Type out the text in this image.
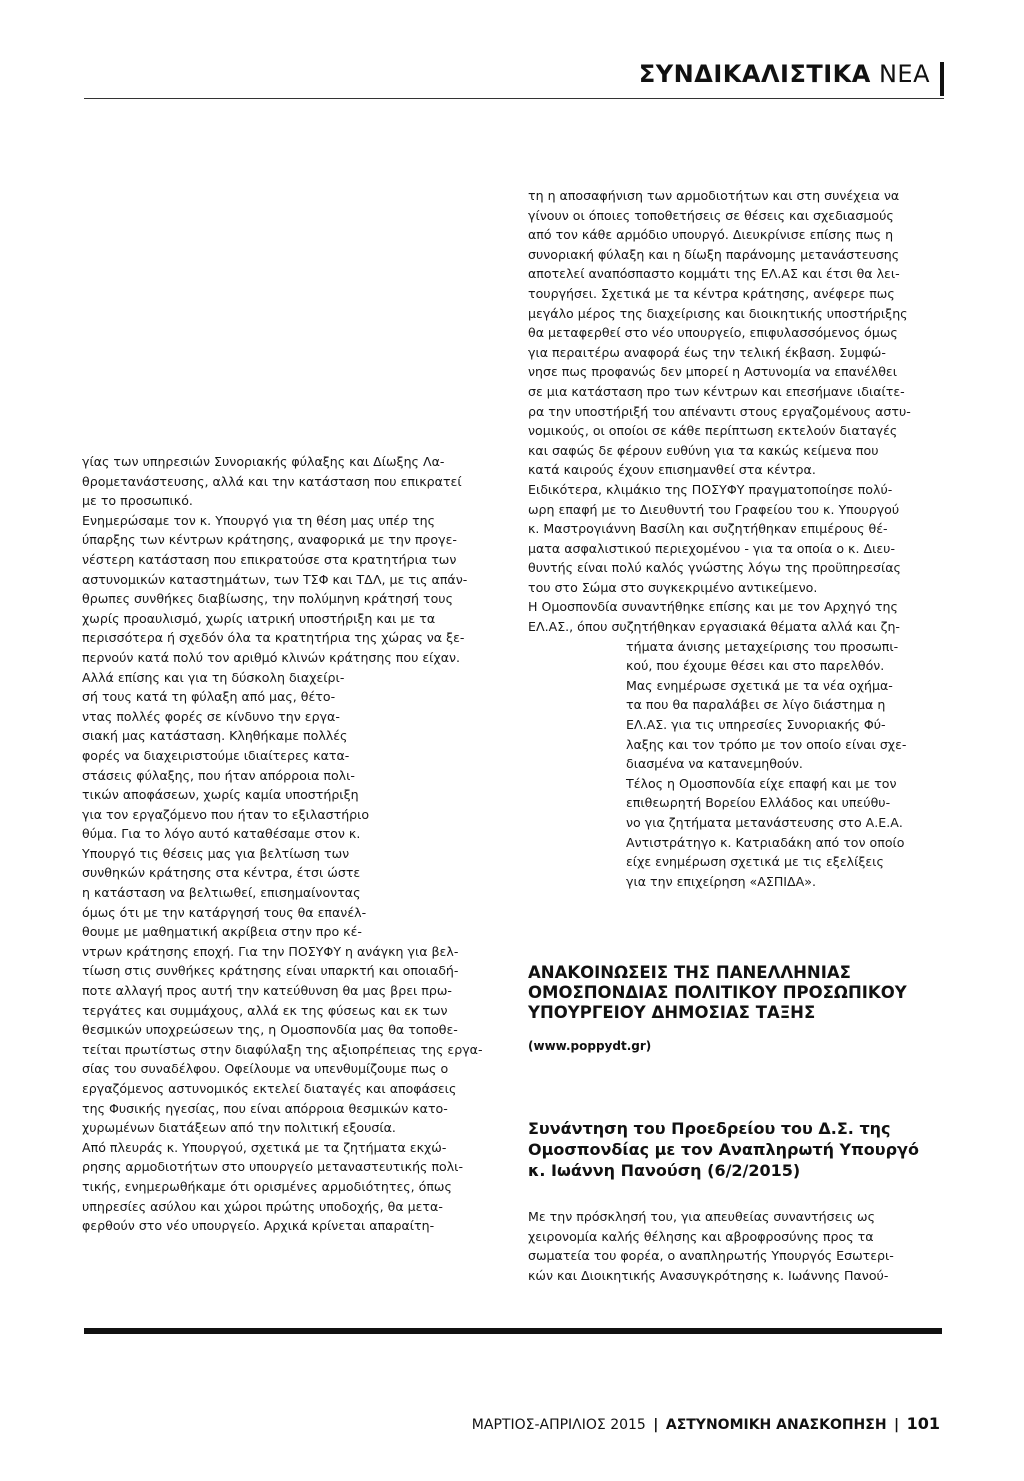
ΣΥΝΔΙΚΑΛΙΣΤΙΚΑ ΝΕΑ

γίας των υπηρεσιών Συνοριακής φύλαξης και Δίωξης Λα-

θρομετανάστευσης, αλλά και την κατάσταση που επικρατεί

με το προσωπικό.

Ενημερώσαμε τον κ. Υπουργό για τη θέση μας υπέρ της

ύπαρξης των κέντρων κράτησης, αναφορικά με την προγε-

νέστερη κατάσταση που επικρατούσε στα κρατητήρια των

αστυνομικών καταστημάτων, των ΤΣΦ και ΤΔΛ, με τις απάν-

θρωπες συνθήκες διαβίωσης, την πολύμηνη κράτησή τους

χωρίς προαυλισμό, χωρίς ιατρική υποστήριξη και με τα

περισσότερα ή σχεδόν όλα τα κρατητήρια της χώρας να ξε-

περνούν κατά πολύ τον αριθμό κλινών κράτησης που είχαν.

Αλλά επίσης και για τη δύσκολη διαχείρι-

σή τους κατά τη φύλαξη από μας, θέτο-

ντας πολλές φορές σε κίνδυνο την εργα-

σιακή μας κατάσταση. Κληθήκαμε πολλές

φορές να διαχειριστούμε ιδιαίτερες κατα-

στάσεις φύλαξης, που ήταν απόρροια πολι-

τικών αποφάσεων, χωρίς καμία υποστήριξη

για τον εργαζόμενο που ήταν το εξιλαστήριο

θύμα. Για το λόγο αυτό καταθέσαμε στον κ.

Υπουργό τις θέσεις μας για βελτίωση των

συνθηκών κράτησης στα κέντρα, έτσι ώστε

η κατάσταση να βελτιωθεί, επισημαίνοντας

όμως ότι με την κατάργησή τους θα επανέλ-

θουμε με μαθηματική ακρίβεια στην προ κέ-

ντρων κράτησης εποχή. Για την ΠΟΣΥΦΥ η ανάγκη για βελ-

τίωση στις συνθήκες κράτησης είναι υπαρκτή και οποιαδή-

ποτε αλλαγή προς αυτή την κατεύθυνση θα μας βρει πρω-

τεργάτες και συμμάχους, αλλά εκ της φύσεως και εκ των

θεσμικών υποχρεώσεων της, η Ομοσπονδία μας θα τοποθε-

τείται πρωτίστως στην διαφύλαξη της αξιοπρέπειας της εργα-

σίας του συναδέλφου. Οφείλουμε να υπενθυμίζουμε πως ο

εργαζόμενος αστυνομικός εκτελεί διαταγές και αποφάσεις

της Φυσικής ηγεσίας, που είναι απόρροια θεσμικών κατο-

χυρωμένων διατάξεων από την πολιτική εξουσία.

Από πλευράς κ. Υπουργού, σχετικά με τα ζητήματα εκχώ-

ρησης αρμοδιοτήτων στο υπουργείο μεταναστευτικής πολι-

τικής, ενημερωθήκαμε ότι ορισμένες αρμοδιότητες, όπως

υπηρεσίες ασύλου και χώροι πρώτης υποδοχής, θα μετα-

φερθούν στο νέο υπουργείο. Αρχικά κρίνεται απαραίτη-

τη η αποσαφήνιση των αρμοδιοτήτων και στη συνέχεια να

γίνουν οι όποιες τοποθετήσεις σε θέσεις και σχεδιασμούς

από τον κάθε αρμόδιο υπουργό. Διευκρίνισε επίσης πως η

συνοριακή φύλαξη και η δίωξη παράνομης μετανάστευσης

αποτελεί αναπόσπαστο κομμάτι της ΕΛ.ΑΣ και έτσι θα λει-

τουργήσει. Σχετικά με τα κέντρα κράτησης, ανέφερε πως

μεγάλο μέρος της διαχείρισης και διοικητικής υποστήριξης

θα μεταφερθεί στο νέο υπουργείο, επιφυλασσόμενος όμως

για περαιτέρω αναφορά έως την τελική έκβαση. Συμφώ-

νησε πως προφανώς δεν μπορεί η Αστυνομία να επανέλθει

σε μια κατάσταση προ των κέντρων και επεσήμανε ιδιαίτε-

ρα την υποστήριξή του απέναντι στους εργαζομένους αστυ-

νομικούς, οι οποίοι σε κάθε περίπτωση εκτελούν διαταγές

και σαφώς δε φέρουν ευθύνη για τα κακώς κείμενα που

κατά καιρούς έχουν επισημανθεί στα κέντρα.

Ειδικότερα, κλιμάκιο της ΠΟΣΥΦΥ πραγματοποίησε πολύ-

ωρη επαφή με το Διευθυντή του Γραφείου του κ. Υπουργού

κ. Μαστρογιάννη Βασίλη και συζητήθηκαν επιμέρους θέ-

ματα ασφαλιστικού περιεχομένου - για τα οποία ο κ. Διευ-

θυντής είναι πολύ καλός γνώστης λόγω της προϋπηρεσίας

του στο Σώμα στο συγκεκριμένο αντικείμενο.

Η Ομοσπονδία συναντήθηκε επίσης και με τον Αρχηγό της

ΕΛ.ΑΣ., όπου συζητήθηκαν εργασιακά θέματα αλλά και ζη-

τήματα άνισης μεταχείρισης του προσωπι-

κού, που έχουμε θέσει και στο παρελθόν.

Μας ενημέρωσε σχετικά με τα νέα οχήμα-

τα που θα παραλάβει σε λίγο διάστημα η

ΕΛ.ΑΣ. για τις υπηρεσίες Συνοριακής Φύ-

λαξης και τον τρόπο με τον οποίο είναι σχε-

διασμένα να κατανεμηθούν.

Τέλος η Ομοσπονδία είχε επαφή και με τον

επιθεωρητή Βορείου Ελλάδος και υπεύθυ-

νο για ζητήματα μετανάστευσης στο Α.Ε.Α.

Αντιστράτηγο κ. Κατριαδάκη από τον οποίο

είχε ενημέρωση σχετικά με τις εξελίξεις

για την επιχείρηση «ΑΣΠΙΔΑ».

ΑΝΑΚΟΙΝΩΣΕΙΣ ΤΗΣ ΠΑΝΕΛΛΗΝΙΑΣ
ΟΜΟΣΠΟΝΔΙΑΣ ΠΟΛΙΤΙΚΟΥ ΠΡΟΣΩΠΙΚΟΥ
ΥΠΟΥΡΓΕΙΟΥ ΔΗΜΟΣΙΑΣ ΤΑΞΗΣ
(www.poppydt.gr)
Συνάντηση του Προεδρείου του Δ.Σ. της
Ομοσπονδίας με τον Αναπληρωτή Υπουργό
κ. Ιωάννη Πανούση (6/2/2015)

Με την πρόσκλησή του, για απευθείας συναντήσεις ως

χειρονομία καλής θέλησης και αβροφροσύνης προς τα

σωματεία του φορέα, ο αναπληρωτής Υπουργός Εσωτερι-

κών και Διοικητικής Ανασυγκρότησης κ. Ιωάννης Πανού-

ΜΑΡΤΙΟΣ-ΑΠΡΙΛΙΟΣ 2015 | ΑΣΤΥΝΟΜΙΚΗ ΑΝΑΣΚΟΠΗΣΗ | 101
